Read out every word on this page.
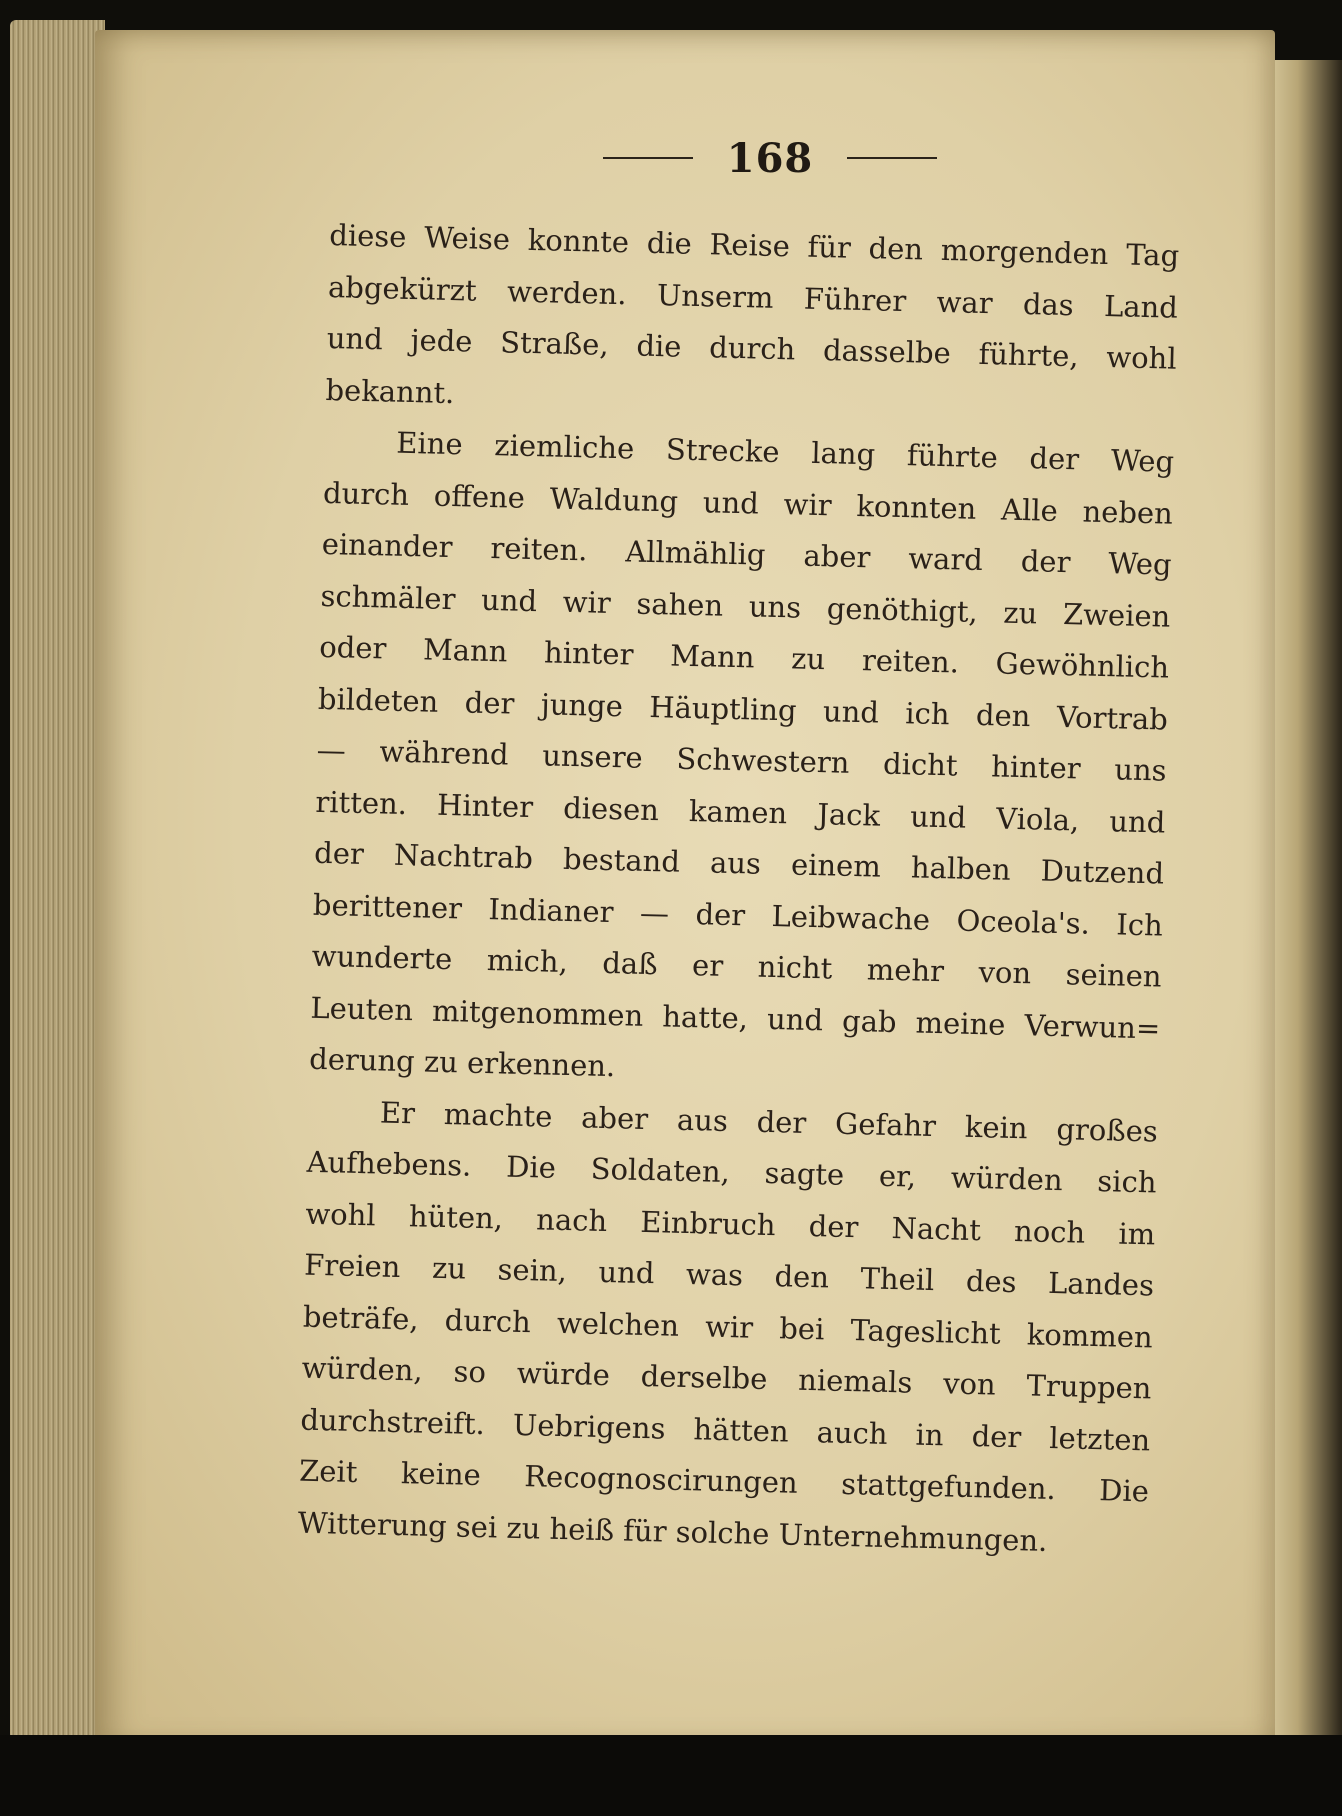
168
diese Weise konnte die Reise für den morgenden Tag
abgekürzt werden. Unserm Führer war das Land
und jede Straße, die durch dasselbe führte, wohl
bekannt.
Eine ziemliche Strecke lang führte der Weg
durch offene Waldung und wir konnten Alle neben
einander reiten. Allmählig aber ward der Weg
schmäler und wir sahen uns genöthigt, zu Zweien
oder Mann hinter Mann zu reiten. Gewöhnlich
bildeten der junge Häuptling und ich den Vortrab
— während unsere Schwestern dicht hinter uns
ritten. Hinter diesen kamen Jack und Viola, und
der Nachtrab bestand aus einem halben Dutzend
berittener Indianer — der Leibwache Oceola's. Ich
wunderte mich, daß er nicht mehr von seinen
Leuten mitgenommen hatte, und gab meine Verwun=
derung zu erkennen.
Er machte aber aus der Gefahr kein großes
Aufhebens. Die Soldaten, sagte er, würden sich
wohl hüten, nach Einbruch der Nacht noch im
Freien zu sein, und was den Theil des Landes
beträfe, durch welchen wir bei Tageslicht kommen
würden, so würde derselbe niemals von Truppen
durchstreift. Uebrigens hätten auch in der letzten
Zeit keine Recognoscirungen stattgefunden. Die
Witterung sei zu heiß für solche Unternehmungen.
